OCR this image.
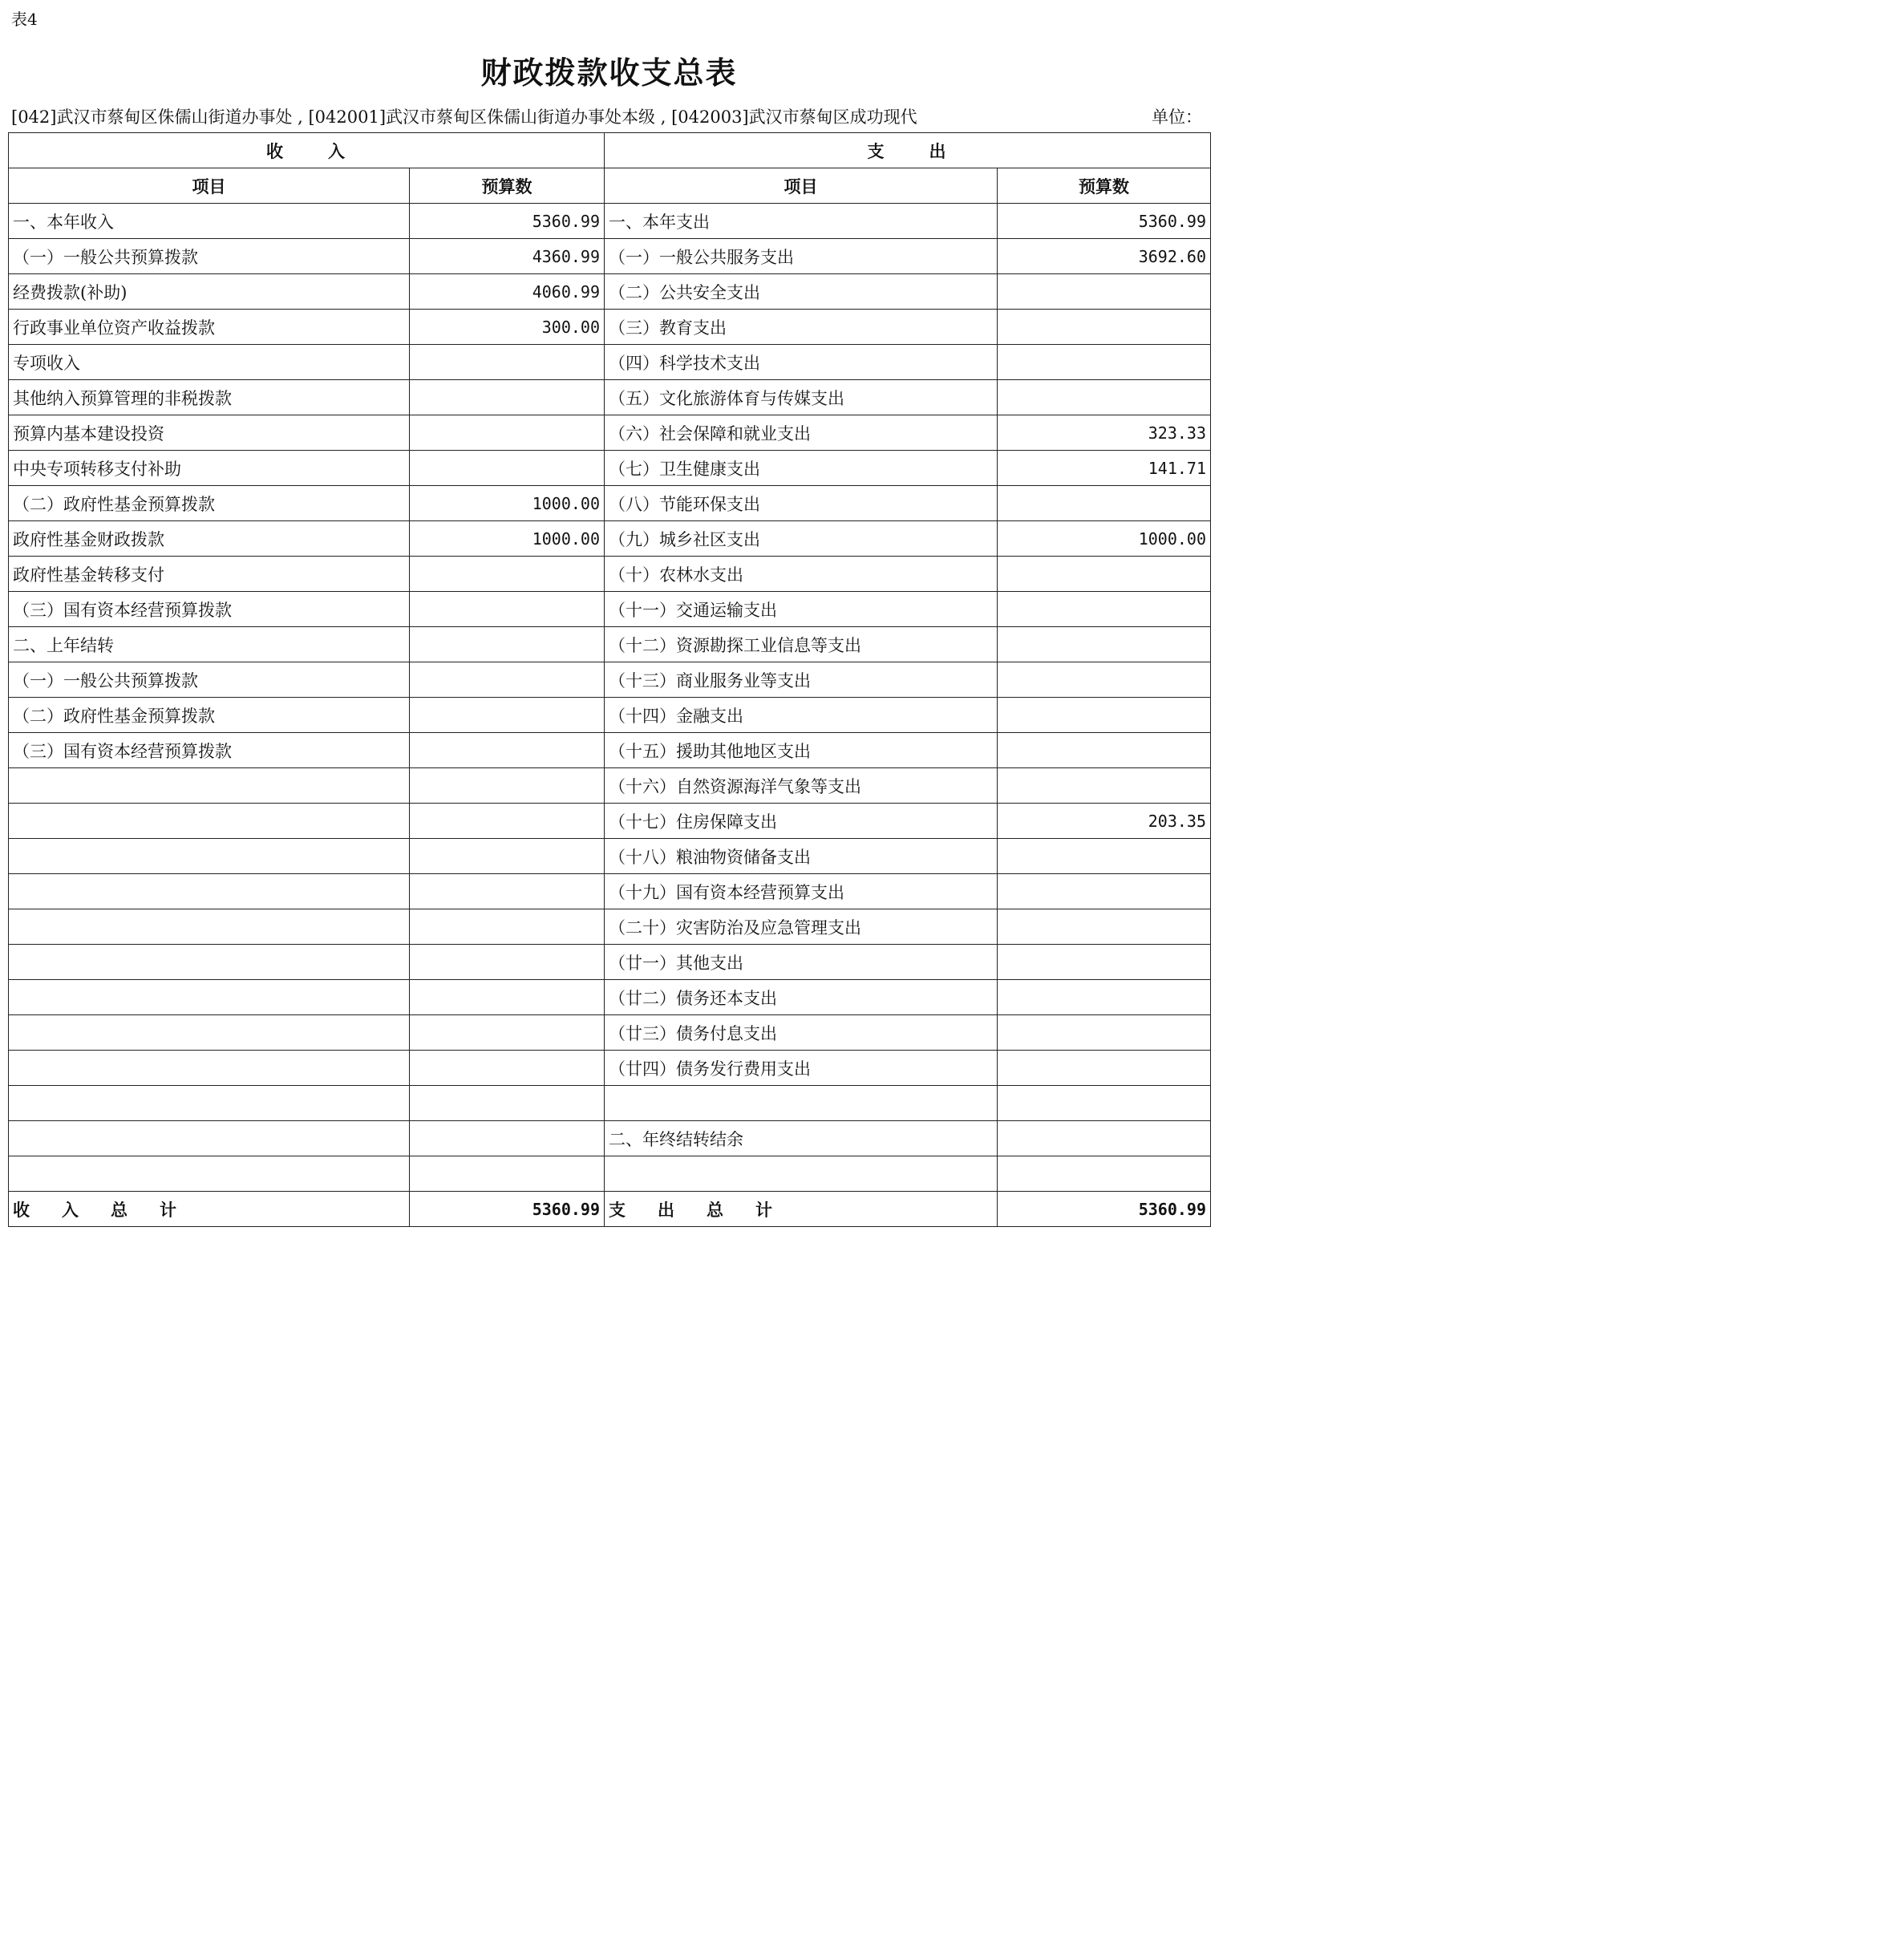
表4
财政拨款收支总表
[042]武汉市蔡甸区侏儒山街道办事处 , [042001]武汉市蔡甸区侏儒山街道办事处本级 , [042003]武汉市蔡甸区成功现代	单位：
收 入		支 出	
项目	预算数	项目	预算数
一、本年收入	5360.99	一、本年支出	5360.99
（一）一般公共预算拨款	4360.99	（一）一般公共服务支出	3692.60
经费拨款(补助)	4060.99	（二）公共安全支出	
行政事业单位资产收益拨款	300.00	（三）教育支出	
专项收入		（四）科学技术支出	
其他纳入预算管理的非税拨款		（五）文化旅游体育与传媒支出	
预算内基本建设投资		（六）社会保障和就业支出	323.33
中央专项转移支付补助		（七）卫生健康支出	141.71
（二）政府性基金预算拨款	1000.00	（八）节能环保支出	
政府性基金财政拨款	1000.00	（九）城乡社区支出	1000.00
政府性基金转移支付		（十）农林水支出	
（三）国有资本经营预算拨款		（十一）交通运输支出	
二、上年结转		（十二）资源勘探工业信息等支出	
（一）一般公共预算拨款		（十三）商业服务业等支出	
（二）政府性基金预算拨款		（十四）金融支出	
（三）国有资本经营预算拨款		（十五）援助其他地区支出	
		（十六）自然资源海洋气象等支出	
		（十七）住房保障支出	203.35
		（十八）粮油物资储备支出	
		（十九）国有资本经营预算支出	
		（二十）灾害防治及应急管理支出	
		（廿一）其他支出	
		（廿二）债务还本支出	
		（廿三）债务付息支出	
		（廿四）债务发行费用支出	

		二、年终结转结余	

收 入 总 计	5360.99	支 出 总 计	5360.99
